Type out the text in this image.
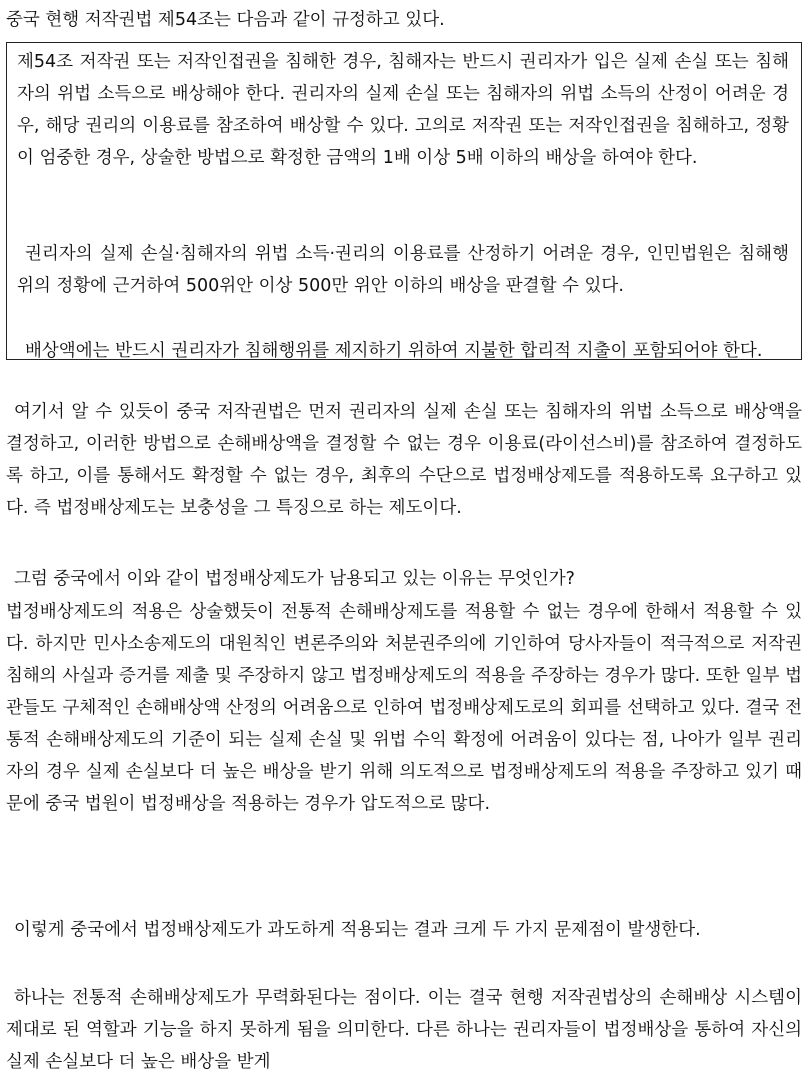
중국 현행 저작권법 제54조는 다음과 같이 규정하고 있다.
제54조 저작권 또는 저작인접권을 침해한 경우, 침해자는 반드시 권리자가 입은 실제 손실 또는 침해자의 위법 소득으로 배상해야 한다. 권리자의 실제 손실 또는 침해자의 위법 소득의 산정이 어려운 경우, 해당 권리의 이용료를 참조하여 배상할 수 있다. 고의로 저작권 또는 저작인접권을 침해하고, 정황이 엄중한 경우, 상술한 방법으로 확정한 금액의 1배 이상 5배 이하의 배상을 하여야 한다.
권리자의 실제 손실·침해자의 위법 소득·권리의 이용료를 산정하기 어려운 경우, 인민법원은 침해행위의 정황에 근거하여 500위안 이상 500만 위안 이하의 배상을 판결할 수 있다.
배상액에는 반드시 권리자가 침해행위를 제지하기 위하여 지불한 합리적 지출이 포함되어야 한다.
여기서 알 수 있듯이 중국 저작권법은 먼저 권리자의 실제 손실 또는 침해자의 위법 소득으로 배상액을 결정하고, 이러한 방법으로 손해배상액을 결정할 수 없는 경우 이용료(라이선스비)를 참조하여 결정하도록 하고, 이를 통해서도 확정할 수 없는 경우, 최후의 수단으로 법정배상제도를 적용하도록 요구하고 있다. 즉 법정배상제도는 보충성을 그 특징으로 하는 제도이다.
그럼 중국에서 이와 같이 법정배상제도가 남용되고 있는 이유는 무엇인가?
법정배상제도의 적용은 상술했듯이 전통적 손해배상제도를 적용할 수 없는 경우에 한해서 적용할 수 있다. 하지만 민사소송제도의 대원칙인 변론주의와 처분권주의에 기인하여 당사자들이 적극적으로 저작권 침해의 사실과 증거를 제출 및 주장하지 않고 법정배상제도의 적용을 주장하는 경우가 많다. 또한 일부 법관들도 구체적인 손해배상액 산정의 어려움으로 인하여 법정배상제도로의 회피를 선택하고 있다. 결국 전통적 손해배상제도의 기준이 되는 실제 손실 및 위법 수익 확정에 어려움이 있다는 점, 나아가 일부 권리자의 경우 실제 손실보다 더 높은 배상을 받기 위해 의도적으로 법정배상제도의 적용을 주장하고 있기 때문에 중국 법원이 법정배상을 적용하는 경우가 압도적으로 많다.
이렇게 중국에서 법정배상제도가 과도하게 적용되는 결과 크게 두 가지 문제점이 발생한다.
하나는 전통적 손해배상제도가 무력화된다는 점이다. 이는 결국 현행 저작권법상의 손해배상 시스템이 제대로 된 역할과 기능을 하지 못하게 됨을 의미한다. 다른 하나는 권리자들이 법정배상을 통하여 자신의 실제 손실보다 더 높은 배상을 받게
